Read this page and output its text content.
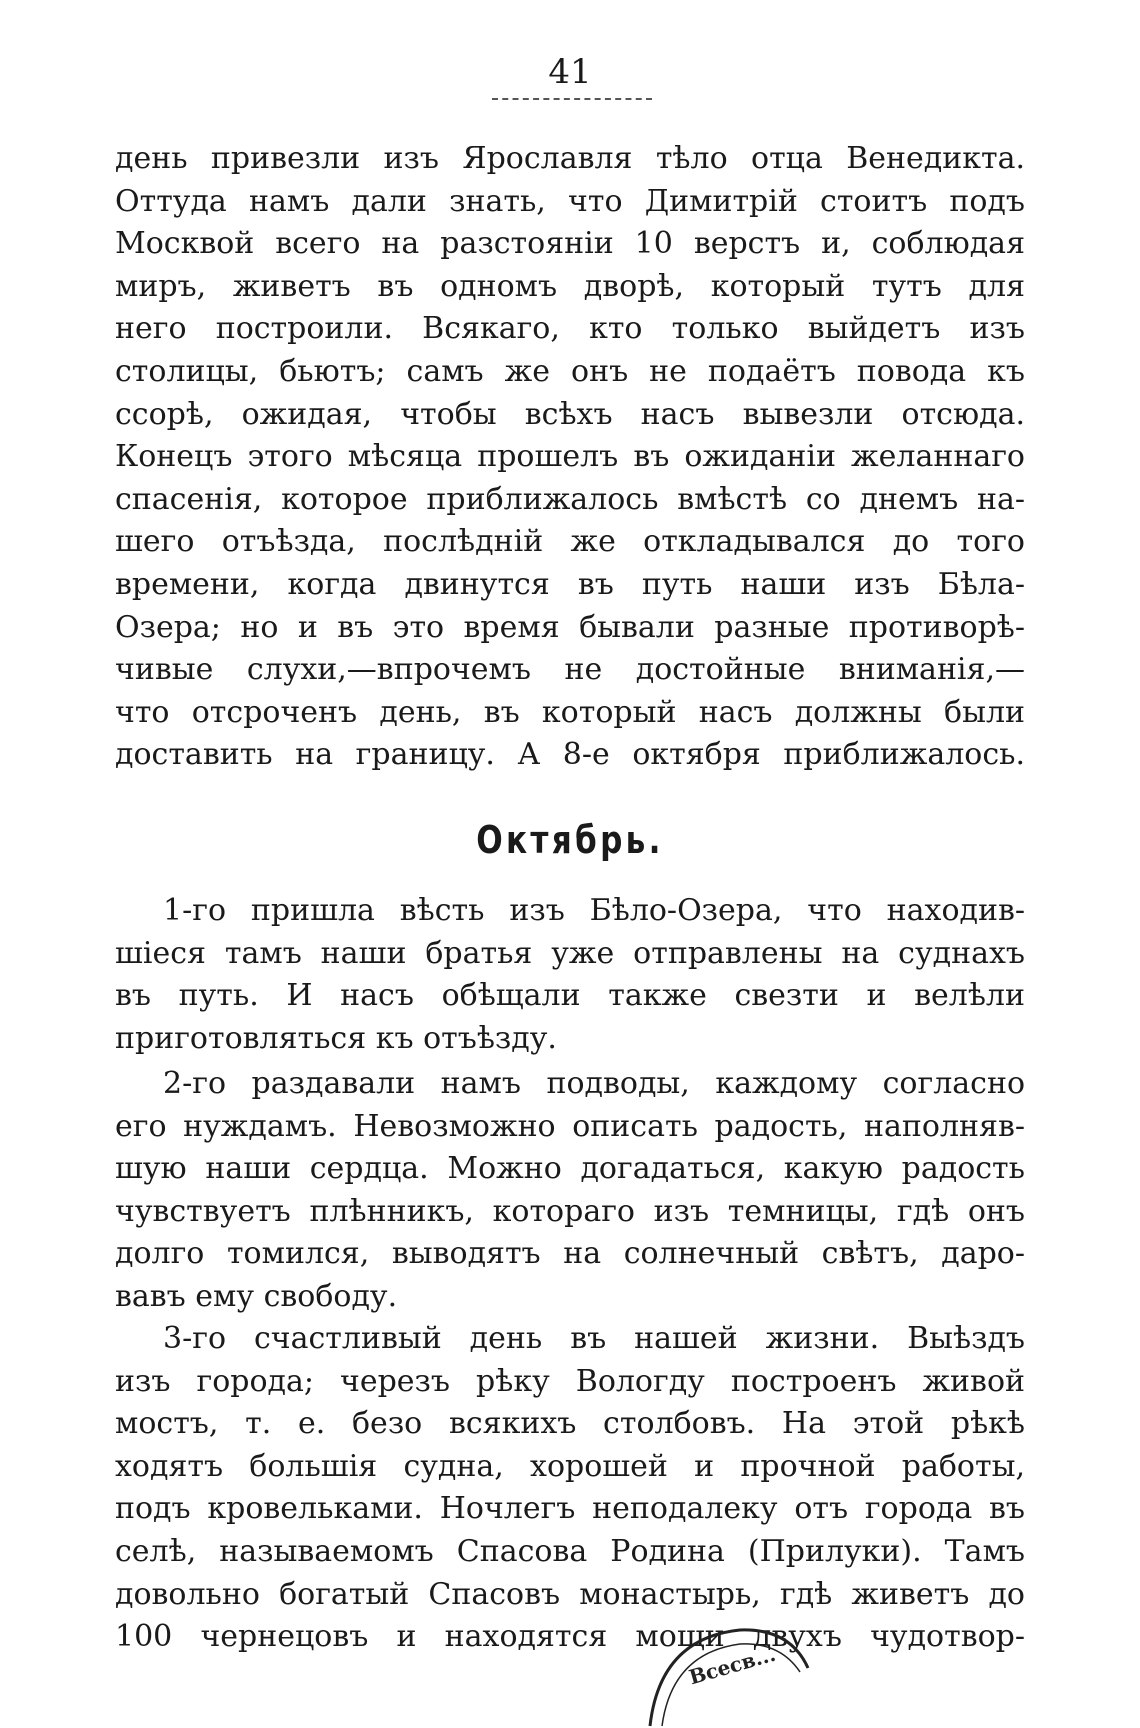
41
день привезли изъ Ярославля тѣло отца Венедикта.
Оттуда намъ дали знать, что Димитрій стоитъ подъ
Москвой всего на разстояніи 10 верстъ и, соблюдая
миръ, живетъ въ одномъ дворѣ, который тутъ для
него построили. Всякаго, кто только выйдетъ изъ
столицы, бьютъ; самъ же онъ не подаётъ повода къ
ссорѣ, ожидая, чтобы всѣхъ насъ вывезли отсюда.
Конецъ этого мѣсяца прошелъ въ ожиданіи желаннаго
спасенія, которое приближалось вмѣстѣ со днемъ на-
шего отъѣзда, послѣдній же откладывался до того
времени, когда двинутся въ путь наши изъ Бѣла-
Озера; но и въ это время бывали разные противорѣ-
чивые слухи,—впрочемъ не достойные вниманія,—
что отсроченъ день, въ который насъ должны были
доставить на границу. А 8-е октября приближалось.
Октябрь.
1-го пришла вѣсть изъ Бѣло-Озера, что находив-
шіеся тамъ наши братья уже отправлены на суднахъ
въ путь. И насъ обѣщали также свезти и велѣли
приготовляться къ отъѣзду.
2-го раздавали намъ подводы, каждому согласно
его нуждамъ. Невозможно описать радость, наполняв-
шую наши сердца. Можно догадаться, какую радость
чувствуетъ плѣнникъ, котораго изъ темницы, гдѣ онъ
долго томился, выводятъ на солнечный свѣтъ, даро-
вавъ ему свободу.
3-го счастливый день въ нашей жизни. Выѣздъ
изъ города; черезъ рѣку Вологду построенъ живой
мостъ, т. е. безо всякихъ столбовъ. На этой рѣкѣ
ходятъ большія судна, хорошей и прочной работы,
подъ кровельками. Ночлегъ неподалеку отъ города въ
селѣ, называемомъ Спасова Родина (Прилуки). Тамъ
довольно богатый Спасовъ монастырь, гдѣ живетъ до
100 чернецовъ и находятся мощи двухъ чудотвор-
Всесв...
